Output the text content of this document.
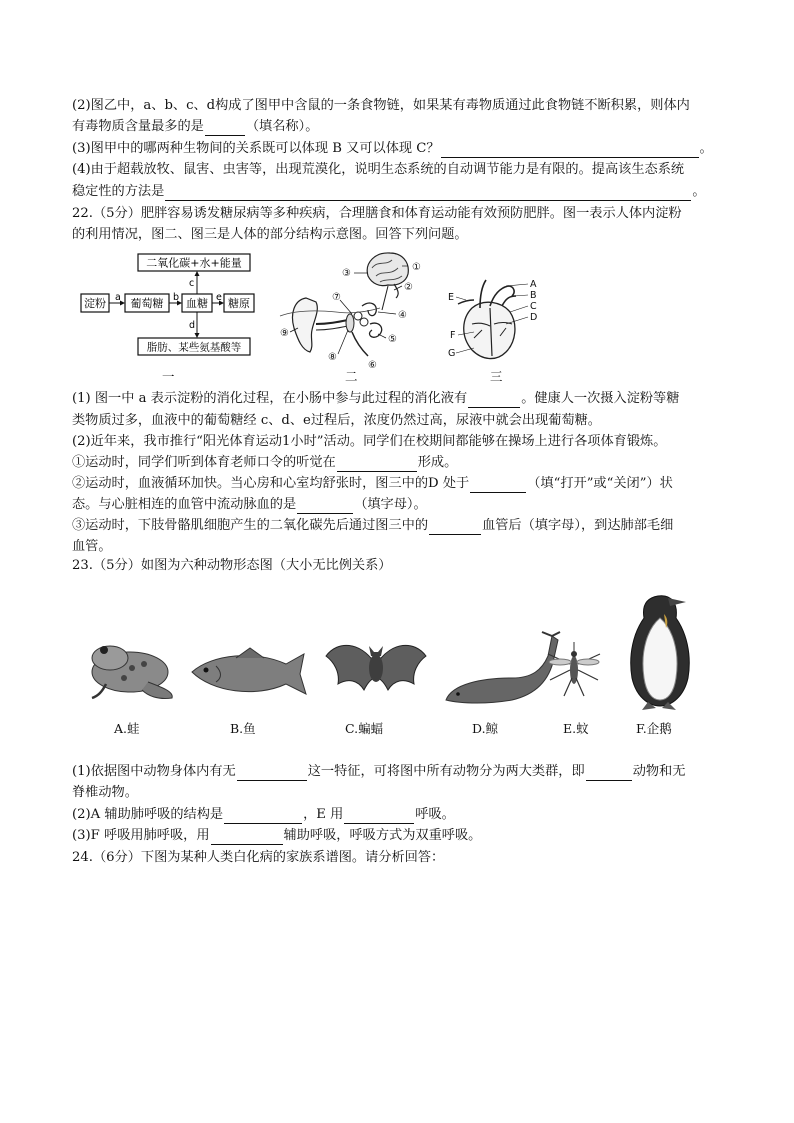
(2)图乙中，a、b、c、d构成了图甲中含鼠的一条食物链，如果某有毒物质通过此食物链不断积累，则体内
有毒物质含量最多的是	（填名称）。
(3)图甲中的哪两种生物间的关系既可以体现 B 又可以体现 C？	。
(4)由于超载放牧、鼠害、虫害等，出现荒漠化，说明生态系统的自动调节能力是有限的。提高该生态系统
稳定性的方法是	。
22.（5分）肥胖容易诱发糖尿病等多种疾病，合理膳食和体育运动能有效预防肥胖。图一表示人体内淀粉
的利用情况，图二、图三是人体的部分结构示意图。回答下列问题。
二氧化碳+水+能量
淀粉 葡萄糖 血糖 糖原
脂肪、某些氨基酸等
a	b
c
d
e
一
①
②
③
④
⑤
⑥
⑦
⑧
⑨
二
A
B
C
D
E
F
G
三
(1) 图一中 a 表示淀粉的消化过程，在小肠中参与此过程的消化液有	。健康人一次摄入淀粉等糖
类物质过多，血液中的葡萄糖经 c、d、e过程后，浓度仍然过高，尿液中就会出现葡萄糖。
(2)近年来，我市推行“阳光体育运动1小时”活动。同学们在校期间都能够在操场上进行各项体育锻炼。
①运动时，同学们听到体育老师口令的听觉在	形成。
②运动时，血液循环加快。当心房和心室均舒张时，图三中的D 处于	（填“打开”或“关闭”）状
态。与心脏相连的血管中流动脉血的是	（填字母）。
③运动时，下肢骨骼肌细胞产生的二氧化碳先后通过图三中的	血管后（填字母），到达肺部毛细
血管。
23.（5分）如图为六种动物形态图（大小无比例关系）
A.蛙	B.鱼	C.蝙蝠	D.鲸	E.蚊	F.企鹅
(1)依据图中动物身体内有无	这一特征，可将图中所有动物分为两大类群，即	动物和无
脊椎动物。
(2)A 辅助肺呼吸的结构是	，E 用	呼吸。
(3)F 呼吸用肺呼吸，用	辅助呼吸，呼吸方式为双重呼吸。
24.（6分）下图为某种人类白化病的家族系谱图。请分析回答：
